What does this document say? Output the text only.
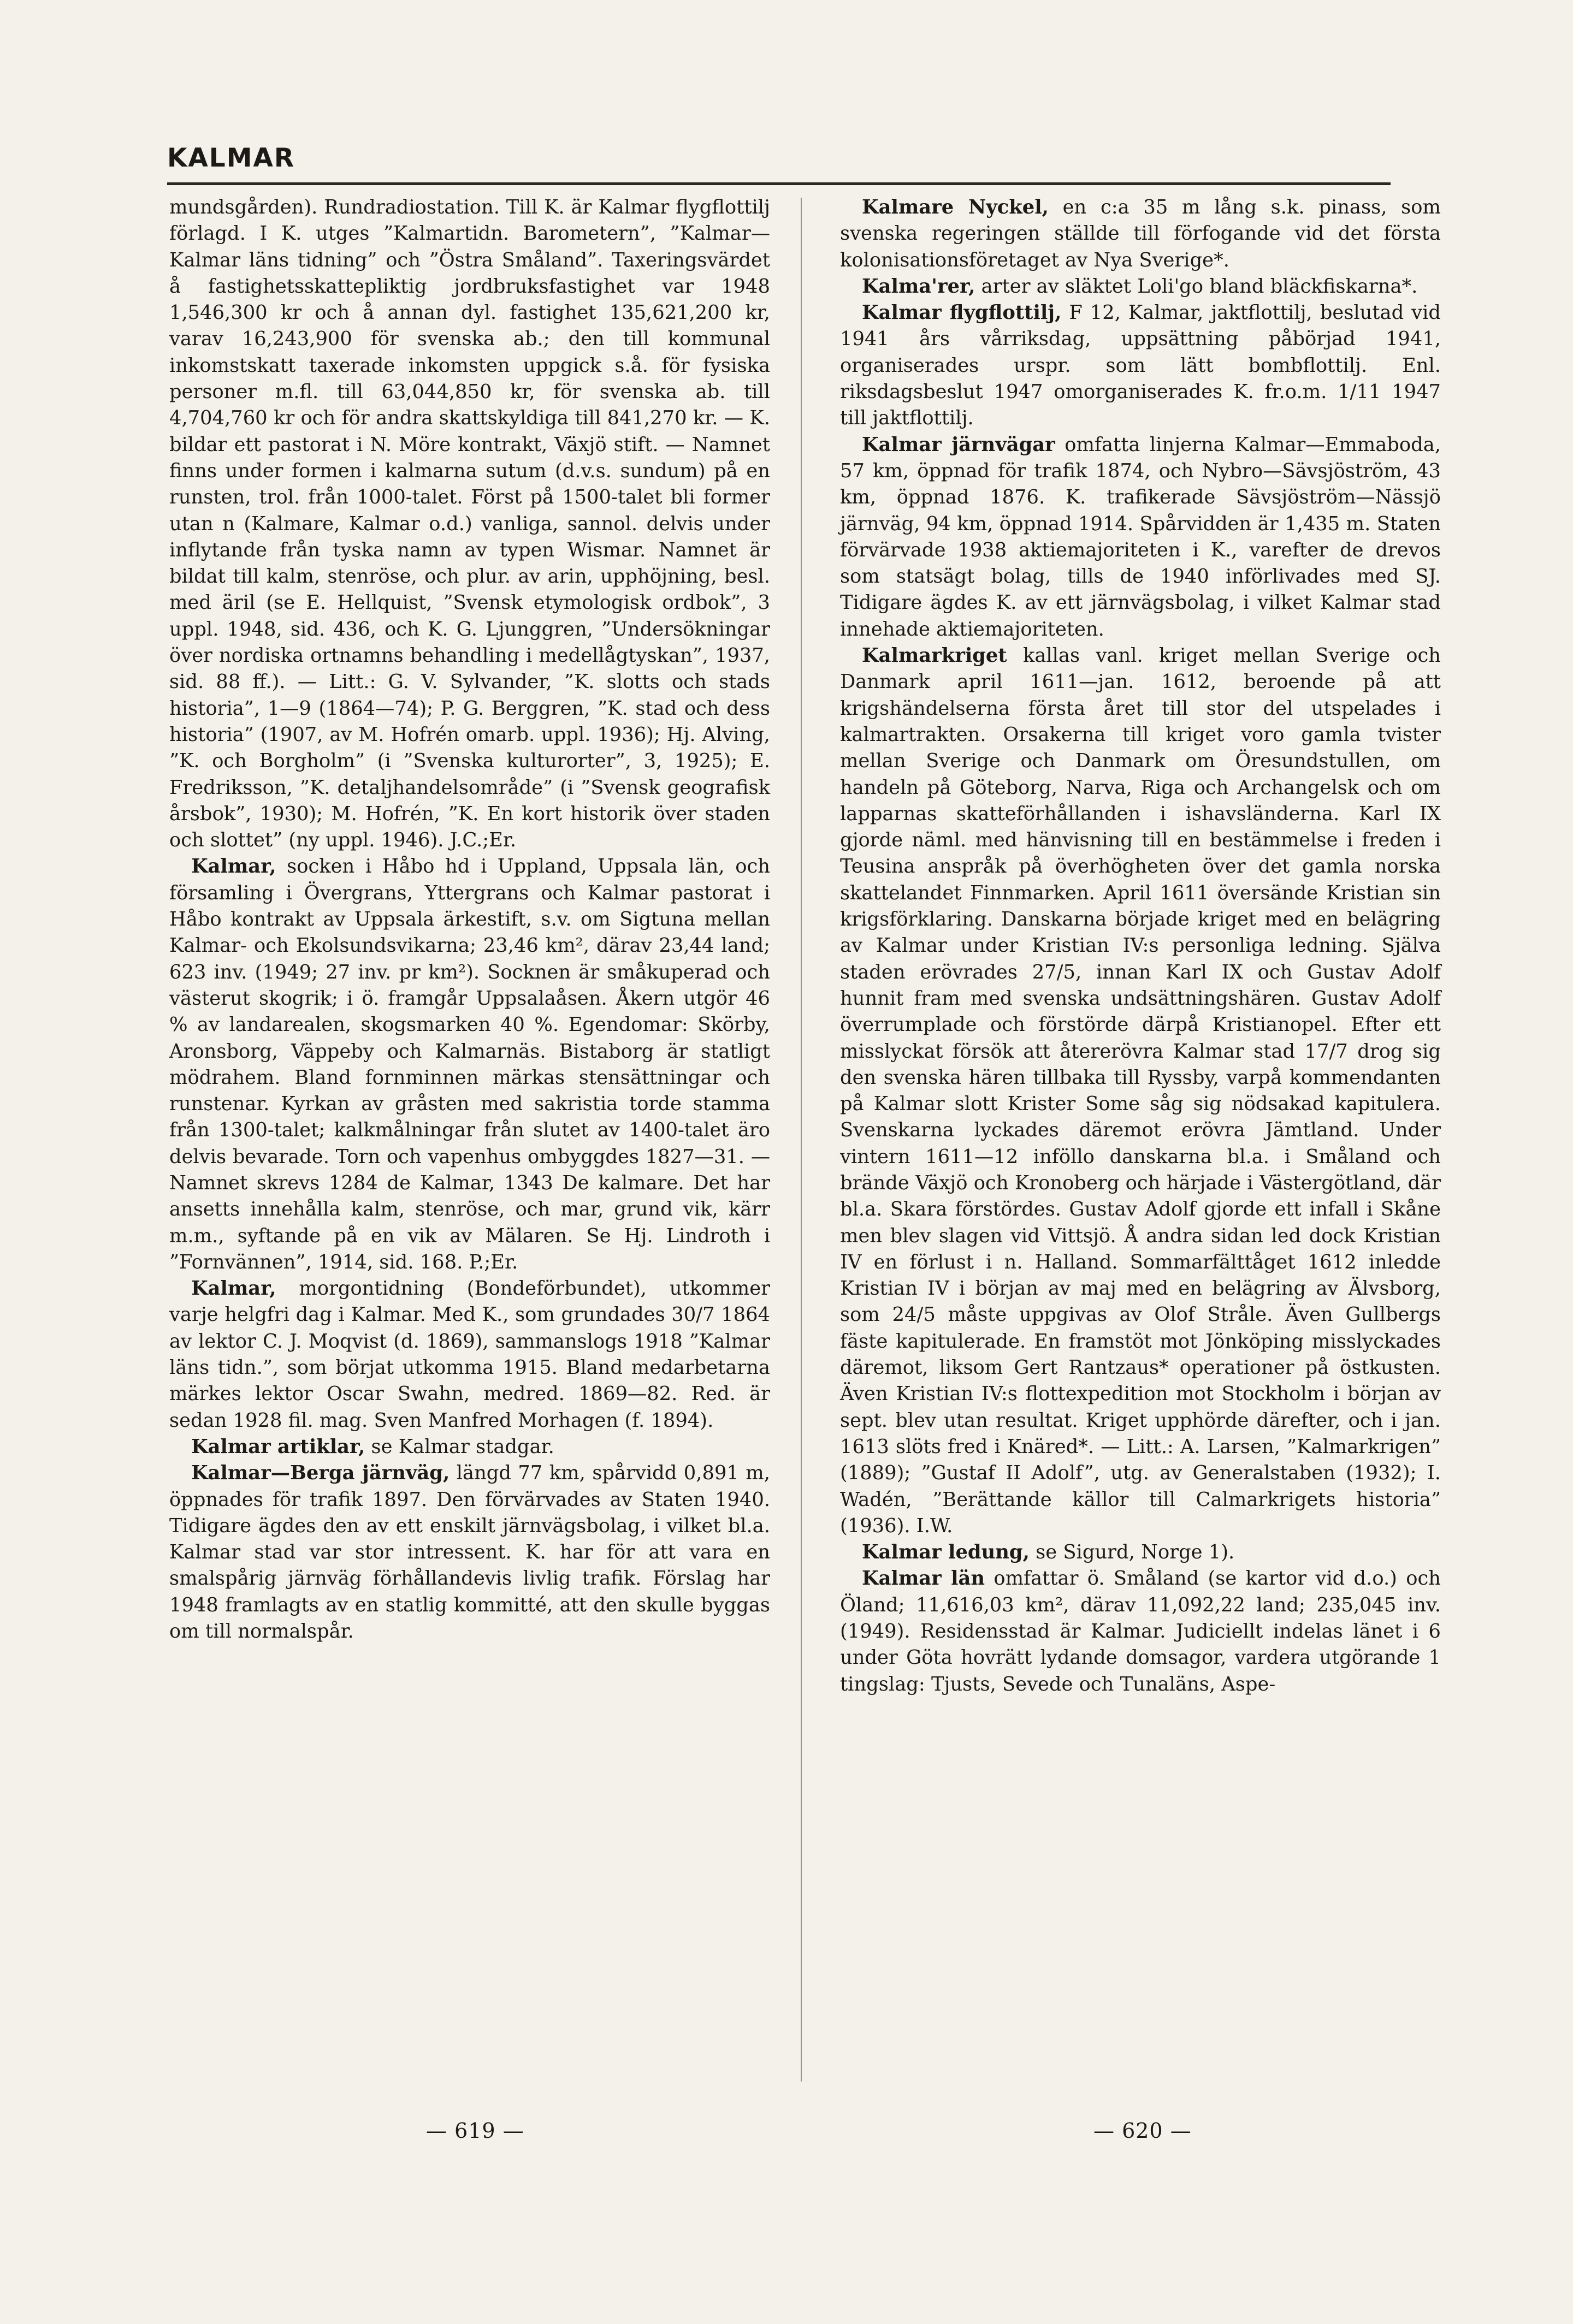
KALMAR

mundsgården). Rundradiostation. Till K. är Kalmar flygflottilj förlagd. I K. utges ”Kalmartidn. Barometern”, ”Kalmar—Kalmar läns tidning” och ”Östra Småland”. Taxeringsvärdet å fastighetsskattepliktig jordbruksfastighet var 1948 1,546,300 kr och å annan dyl. fastighet 135,621,200 kr, varav 16,243,900 för svenska ab.; den till kommunal inkomstskatt taxerade inkomsten uppgick s.å. för fysiska personer m.fl. till 63,044,850 kr, för svenska ab. till 4,704,760 kr och för andra skattskyldiga till 841,270 kr. — K. bildar ett pastorat i N. Möre kontrakt, Växjö stift. — Namnet finns under formen i kalmarna sutum (d.v.s. sundum) på en runsten, trol. från 1000-talet. Först på 1500-talet bli former utan n (Kalmare, Kalmar o.d.) vanliga, sannol. delvis under inflytande från tyska namn av typen Wismar. Namnet är bildat till kalm, stenröse, och plur. av arin, upphöjning, besl. med äril (se E. Hellquist, ”Svensk etymologisk ordbok”, 3 uppl. 1948, sid. 436, och K. G. Ljunggren, ”Undersökningar över nordiska ortnamns behandling i medellågtyskan”, 1937, sid. 88 ff.). — Litt.: G. V. Sylvander, ”K. slotts och stads historia”, 1—9 (1864—74); P. G. Berggren, ”K. stad och dess historia” (1907, av M. Hofrén omarb. uppl. 1936); Hj. Alving, ”K. och Borgholm” (i ”Svenska kulturorter”, 3, 1925); E. Fredriksson, ”K. detaljhandelsområde” (i ”Svensk geografisk årsbok”, 1930); M. Hofrén, ”K. En kort historik över staden och slottet” (ny uppl. 1946). J.C.;Er.

Kalmar, socken i Håbo hd i Uppland, Uppsala län, och församling i Övergrans, Yttergrans och Kalmar pastorat i Håbo kontrakt av Uppsala ärkestift, s.v. om Sigtuna mellan Kalmar- och Ekolsundsvikarna; 23,46 km², därav 23,44 land; 623 inv. (1949; 27 inv. pr km²). Socknen är småkuperad och västerut skogrik; i ö. framgår Uppsalaåsen. Åkern utgör 46 % av landarealen, skogsmarken 40 %. Egendomar: Skörby, Aronsborg, Väppeby och Kalmarnäs. Bistaborg är statligt mödrahem. Bland fornminnen märkas stensättningar och runstenar. Kyrkan av gråsten med sakristia torde stamma från 1300-talet; kalkmålningar från slutet av 1400-talet äro delvis bevarade. Torn och vapenhus ombyggdes 1827—31. — Namnet skrevs 1284 de Kalmar, 1343 De kalmare. Det har ansetts innehålla kalm, stenröse, och mar, grund vik, kärr m.m., syftande på en vik av Mälaren. Se Hj. Lindroth i ”Fornvännen”, 1914, sid. 168. P.;Er.

Kalmar, morgontidning (Bondeförbundet), utkommer varje helgfri dag i Kalmar. Med K., som grundades 30/7 1864 av lektor C. J. Moqvist (d. 1869), sammanslogs 1918 ”Kalmar läns tidn.”, som börjat utkomma 1915. Bland medarbetarna märkes lektor Oscar Swahn, medred. 1869—82. Red. är sedan 1928 fil. mag. Sven Manfred Morhagen (f. 1894).

Kalmar artiklar, se Kalmar stadgar.

Kalmar—Berga järnväg, längd 77 km, spårvidd 0,891 m, öppnades för trafik 1897. Den förvärvades av Staten 1940. Tidigare ägdes den av ett enskilt järnvägsbolag, i vilket bl.a. Kalmar stad var stor intressent. K. har för att vara en smalspårig järnväg förhållandevis livlig trafik. Förslag har 1948 framlagts av en statlig kommitté, att den skulle byggas om till normalspår.

Kalmare Nyckel, en c:a 35 m lång s.k. pinass, som svenska regeringen ställde till förfogande vid det första kolonisationsföretaget av Nya Sverige*.

Kalma'rer, arter av släktet Loli'go bland bläckfiskarna*.

Kalmar flygflottilj, F 12, Kalmar, jaktflottilj, beslutad vid 1941 års vårriksdag, uppsättning påbörjad 1941, organiserades urspr. som lätt bombflottilj. Enl. riksdagsbeslut 1947 omorganiserades K. fr.o.m. 1/11 1947 till jaktflottilj.

Kalmar järnvägar omfatta linjerna Kalmar—Emmaboda, 57 km, öppnad för trafik 1874, och Nybro—Sävsjöström, 43 km, öppnad 1876. K. trafikerade Sävsjöström—Nässjö järnväg, 94 km, öppnad 1914. Spårvidden är 1,435 m. Staten förvärvade 1938 aktiemajoriteten i K., varefter de drevos som statsägt bolag, tills de 1940 införlivades med SJ. Tidigare ägdes K. av ett järnvägsbolag, i vilket Kalmar stad innehade aktiemajoriteten.

Kalmarkriget kallas vanl. kriget mellan Sverige och Danmark april 1611—jan. 1612, beroende på att krigshändelserna första året till stor del utspelades i kalmartrakten. Orsakerna till kriget voro gamla tvister mellan Sverige och Danmark om Öresundstullen, om handeln på Göteborg, Narva, Riga och Archangelsk och om lapparnas skatteförhållanden i ishavsländerna. Karl IX gjorde näml. med hänvisning till en bestämmelse i freden i Teusina anspråk på överhögheten över det gamla norska skattelandet Finnmarken. April 1611 översände Kristian sin krigsförklaring. Danskarna började kriget med en belägring av Kalmar under Kristian IV:s personliga ledning. Själva staden erövrades 27/5, innan Karl IX och Gustav Adolf hunnit fram med svenska undsättningshären. Gustav Adolf överrumplade och förstörde därpå Kristianopel. Efter ett misslyckat försök att återerövra Kalmar stad 17/7 drog sig den svenska hären tillbaka till Ryssby, varpå kommendanten på Kalmar slott Krister Some såg sig nödsakad kapitulera. Svenskarna lyckades däremot erövra Jämtland. Under vintern 1611—12 inföllo danskarna bl.a. i Småland och brände Växjö och Kronoberg och härjade i Västergötland, där bl.a. Skara förstördes. Gustav Adolf gjorde ett infall i Skåne men blev slagen vid Vittsjö. Å andra sidan led dock Kristian IV en förlust i n. Halland. Sommarfälttåget 1612 inledde Kristian IV i början av maj med en belägring av Älvsborg, som 24/5 måste uppgivas av Olof Stråle. Även Gullbergs fäste kapitulerade. En framstöt mot Jönköping misslyckades däremot, liksom Gert Rantzaus* operationer på östkusten. Även Kristian IV:s flottexpedition mot Stockholm i början av sept. blev utan resultat. Kriget upphörde därefter, och i jan. 1613 slöts fred i Knäred*. — Litt.: A. Larsen, ”Kalmarkrigen” (1889); ”Gustaf II Adolf”, utg. av Generalstaben (1932); I. Wadén, ”Berättande källor till Calmarkrigets historia” (1936). I.W.

Kalmar ledung, se Sigurd, Norge 1).

Kalmar län omfattar ö. Småland (se kartor vid d.o.) och Öland; 11,616,03 km², därav 11,092,22 land; 235,045 inv. (1949). Residensstad är Kalmar. Judiciellt indelas länet i 6 under Göta hovrätt lydande domsagor, vardera utgörande 1 tingslag: Tjusts, Sevede och Tunaläns, Aspe-

— 619 —	— 620 —
